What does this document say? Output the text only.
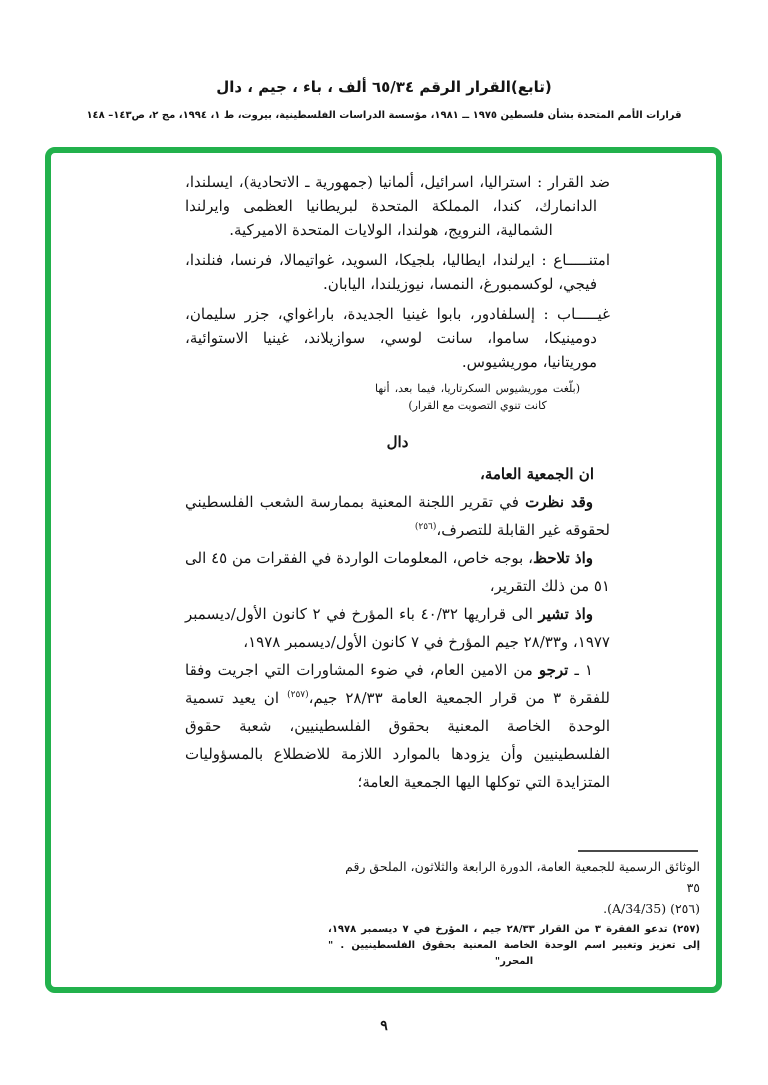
(تابع)القرار الرقم ٦٥/٣٤ ألف ، باء ، جيم ، دال
قرارات الأمم المتحدة بشأن فلسطين ١٩٧٥ ــ ١٩٨١، مؤسسة الدراسات الفلسطينية، بيروت، ط ١، ١٩٩٤، مج ٢، ص١٤٣– ١٤٨

ضد القرار : استراليا، اسرائيل، ألمانيا (جمهورية ـ الاتحادية)، ايسلندا، الدانمارك، كندا، المملكة المتحدة لبريطانيا العظمى وايرلندا الشمالية، النرويج، هولندا، الولايات المتحدة الاميركية.

امتنـــــاع : ايرلندا، ايطاليا، بلجيكا، السويد، غواتيمالا، فرنسا، فنلندا، فيجي، لوكسمبورغ، النمسا، نيوزيلندا، اليابان.

غيـــــاب : إلسلفادور، بابوا غينيا الجديدة، باراغواي، جزر سليمان، دومينيكا، ساموا، سانت لوسي، سوازيلاند، غينيا الاستوائية، موريتانيا، موريشيوس.

(بلّغت موريشيوس السكرتاريا، فيما بعد، أنها كانت تنوي التصويت مع القرار)
دال
ان الجمعية العامة،

وقد نظرت في تقرير اللجنة المعنية بممارسة الشعب الفلسطيني لحقوقه غير القابلة للتصرف،$^{(٢٥٦)}$

واذ تلاحظ، بوجه خاص، المعلومات الواردة في الفقرات من ٤٥ الى ٥١ من ذلك التقرير،

واذ تشير الى قراريها ٤٠/٣٢ باء المؤرخ في ٢ كانون الأول/ديسمبر ١٩٧٧، و٢٨/٣٣ جيم المؤرخ في ٧ كانون الأول/ديسمبر ١٩٧٨،

١ ـ ترجو من الامين العام، في ضوء المشاورات التي اجريت وفقا للفقرة ٣ من قرار الجمعية العامة ٢٨/٣٣ جيم،$^{(٢٥٧)}$ ان يعيد تسمية الوحدة الخاصة المعنية بحقوق الفلسطينيين، شعبة حقوق الفلسطينيين وأن يزودها بالموارد اللازمة للاضطلاع بالمسؤوليات المتزايدة التي توكلها اليها الجمعية العامة؛

الوثائق الرسمية للجمعية العامة، الدورة الرابعة والثلاثون، الملحق رقم ٣٥
(٢٥٦) (A/34/35).
(٢٥٧) تدعو الفقرة ٣ من القرار ٢٨/٣٣ جيم ، المؤرخ في ٧ ديسمبر ١٩٧٨، إلى تعزيز وتغيير اسم الوحدة الخاصة المعنية بحقوق الفلسطينيين . " المحرر"
٩
